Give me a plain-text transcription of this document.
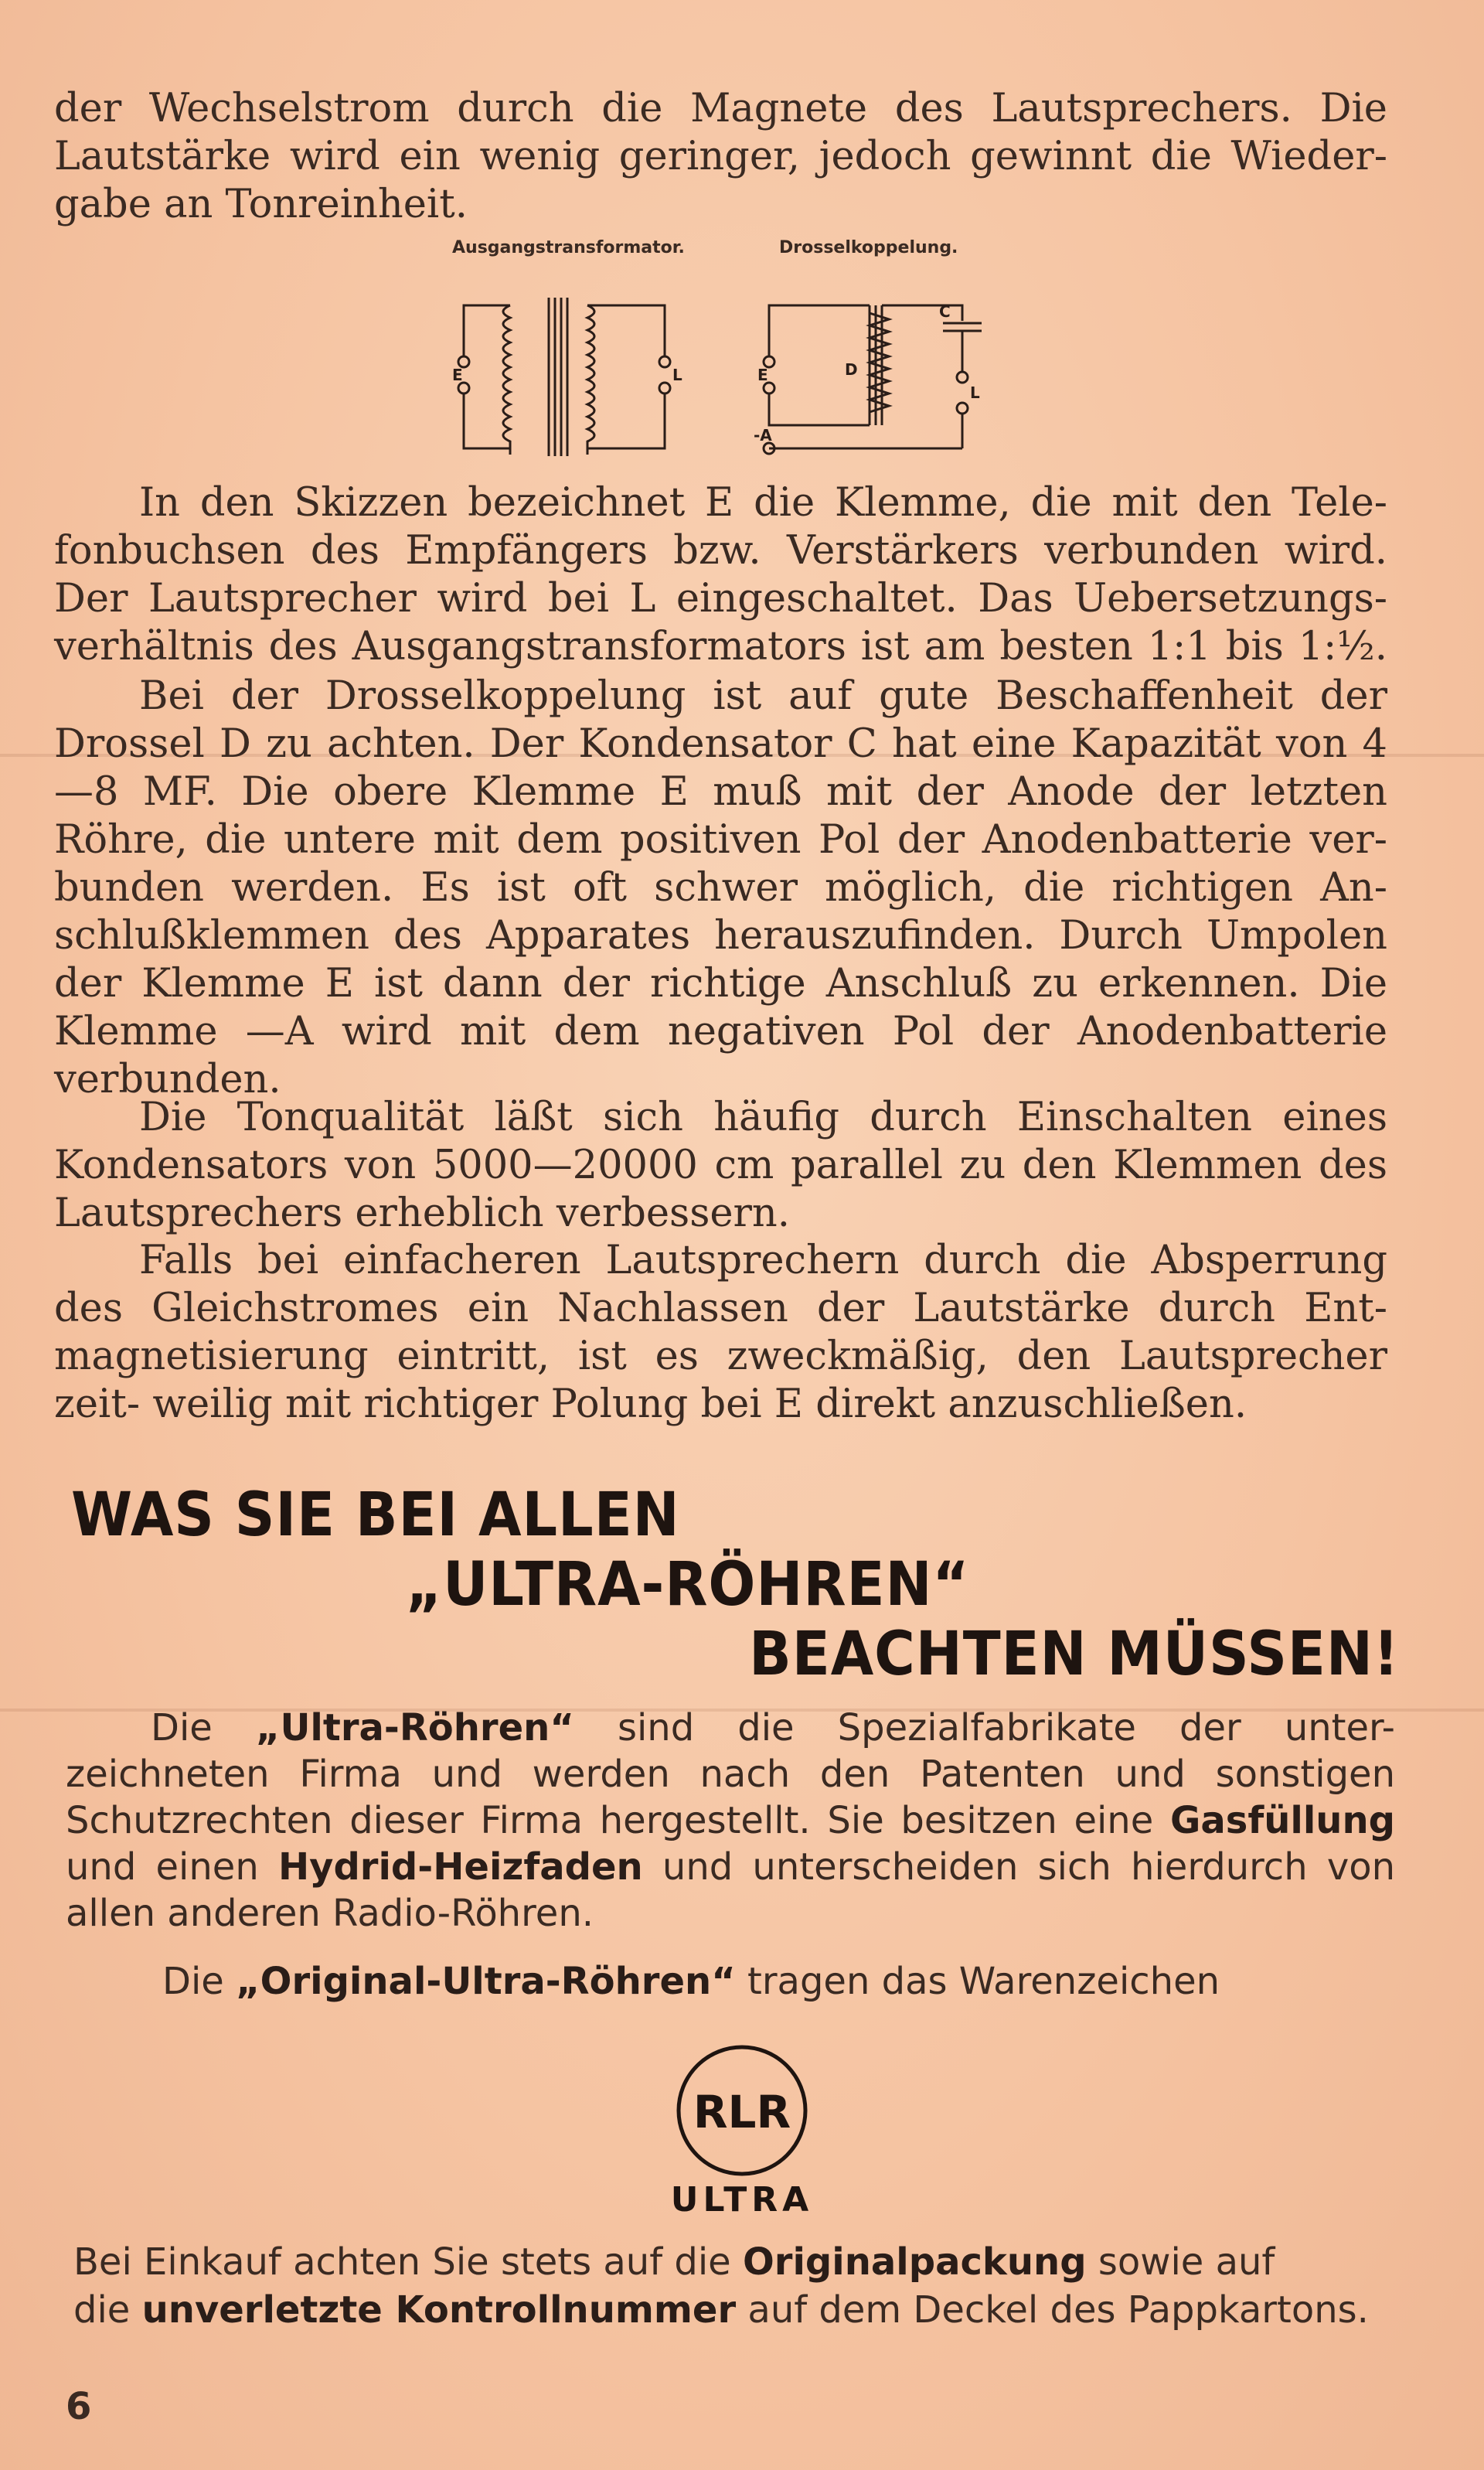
der Wechselstrom durch die Magnete des Lautsprechers. Die
Lautstärke wird ein wenig geringer, jedoch gewinnt die Wieder-
gabe an Tonreinheit.
Ausgangstransformator.	Drosselkoppelung.
E	L	E	D
C
L
-A
In den Skizzen bezeichnet E die Klemme, die mit den Tele- fonbuchsen des Empfängers bzw. Verstärkers verbunden wird. Der Lautsprecher wird bei L eingeschaltet. Das Uebersetzungs- verhältnis des Ausgangstransformators ist am besten 1:1 bis 1:½.
Bei der Drosselkoppelung ist auf gute Beschaffenheit der Drossel D zu achten. Der Kondensator C hat eine Kapazität von 4—8 MF. Die obere Klemme E muß mit der Anode der letzten Röhre, die untere mit dem positiven Pol der Anodenbatterie ver- bunden werden. Es ist oft schwer möglich, die richtigen An- schlußklemmen des Apparates herauszufinden. Durch Umpolen der Klemme E ist dann der richtige Anschluß zu erkennen. Die Klemme —A wird mit dem negativen Pol der Anodenbatterie verbunden.
Die Tonqualität läßt sich häufig durch Einschalten eines Kondensators von 5000—20000 cm parallel zu den Klemmen des Lautsprechers erheblich verbessern.
Falls bei einfacheren Lautsprechern durch die Absperrung des Gleichstromes ein Nachlassen der Lautstärke durch Ent- magnetisierung eintritt, ist es zweckmäßig, den Lautsprecher zeit- weilig mit richtiger Polung bei E direkt anzuschließen.
WAS SIE BEI ALLEN
„ULTRA-RÖHREN“
BEACHTEN MÜSSEN!
Die „Ultra-Röhren“ sind die Spezialfabrikate der unter- zeichneten Firma und werden nach den Patenten und sonstigen Schutzrechten dieser Firma hergestellt. Sie besitzen eine Gasfüllung und einen Hydrid-Heizfaden und unterscheiden sich hierdurch von allen anderen Radio-Röhren.
Die „Original-Ultra-Röhren“ tragen das Warenzeichen
RLR
ULTRA
Bei Einkauf achten Sie stets auf die Originalpackung sowie auf
die unverletzte Kontrollnummer auf dem Deckel des Pappkartons.
6
